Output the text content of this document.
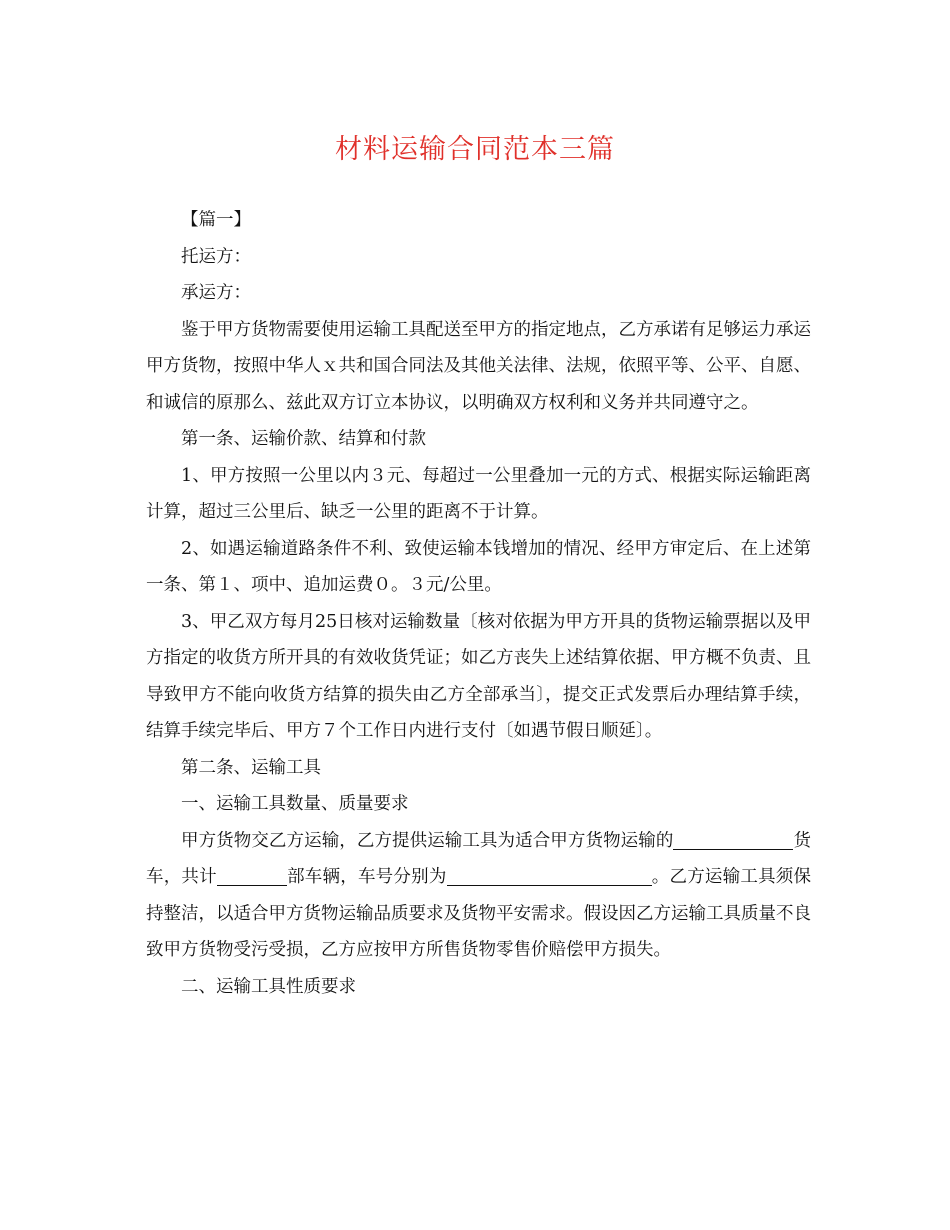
材料运输合同范本三篇

【篇一】

托运方：

承运方：

鉴于甲方货物需要使用运输工具配送至甲方的指定地点，乙方承诺有足够运力承运甲方货物，按照中华人ｘ共和国合同法及其他关法律、法规，依照平等、公平、自愿、和诚信的原那么、兹此双方订立本协议，以明确双方权利和义务并共同遵守之。

第一条、运输价款、结算和付款

1、甲方按照一公里以内３元、每超过一公里叠加一元的方式、根据实际运输距离计算，超过三公里后、缺乏一公里的距离不于计算。

2、如遇运输道路条件不利、致使运输本钱增加的情况、经甲方审定后、在上述第一条、第１、项中、追加运费０。３元/公里。

3、甲乙双方每月25日核对运输数量〔核对依据为甲方开具的货物运输票据以及甲方指定的收货方所开具的有效收货凭证；如乙方丧失上述结算依据、甲方概不负责、且导致甲方不能向收货方结算的损失由乙方全部承当〕，提交正式发票后办理结算手续，结算手续完毕后、甲方７个工作日内进行支付〔如遇节假日顺延〕。

第二条、运输工具

一、运输工具数量、质量要求

甲方货物交乙方运输，乙方提供运输工具为适合甲方货物运输的	货车，共计	部车辆，车号分别为	。乙方运输工具须保持整洁，以适合甲方货物运输品质要求及货物平安需求。假设因乙方运输工具质量不良致甲方货物受污受损，乙方应按甲方所售货物零售价赔偿甲方损失。

二、运输工具性质要求
